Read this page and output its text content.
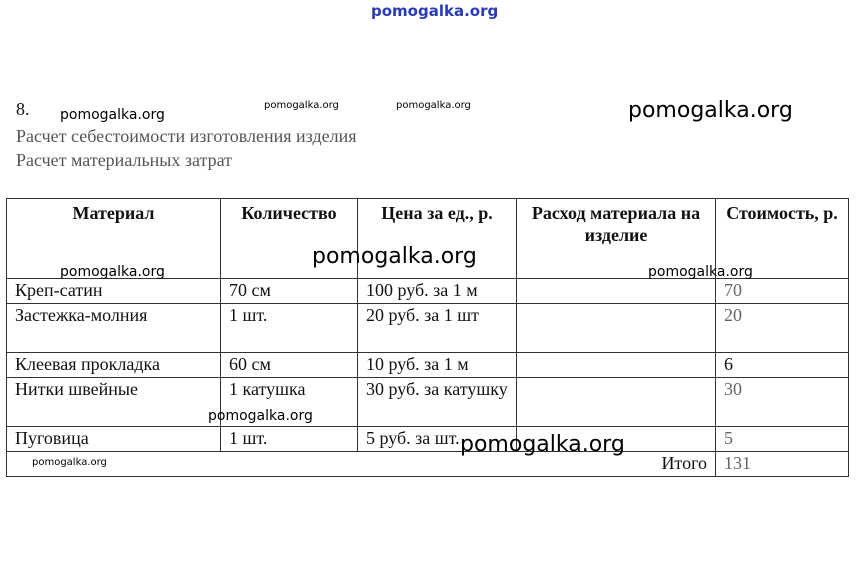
pomogalka.org
pomogalka.org
pomogalka.org	pomogalka.org	pomogalka.org
8.
Расчет себестоимости изготовления изделия
Расчет материальных затрат
Материал	Количество	Цена за ед., р.	Расход материала на изделие	Стоимость, р.
Креп-сатин	70 см	100 руб. за 1 м		70
Застежка-молния	1 шт.	20 руб. за 1 шт		20
Клеевая прокладка	60 см	10 руб. за 1 м		6
Нитки швейные	1 катушка	30 руб. за катушку		30
Пуговица	1 шт.	5 руб. за шт.		5
			Итого	131
pomogalka.org
pomogalka.org	pomogalka.org
pomogalka.org
pomogalka.org
pomogalka.org
